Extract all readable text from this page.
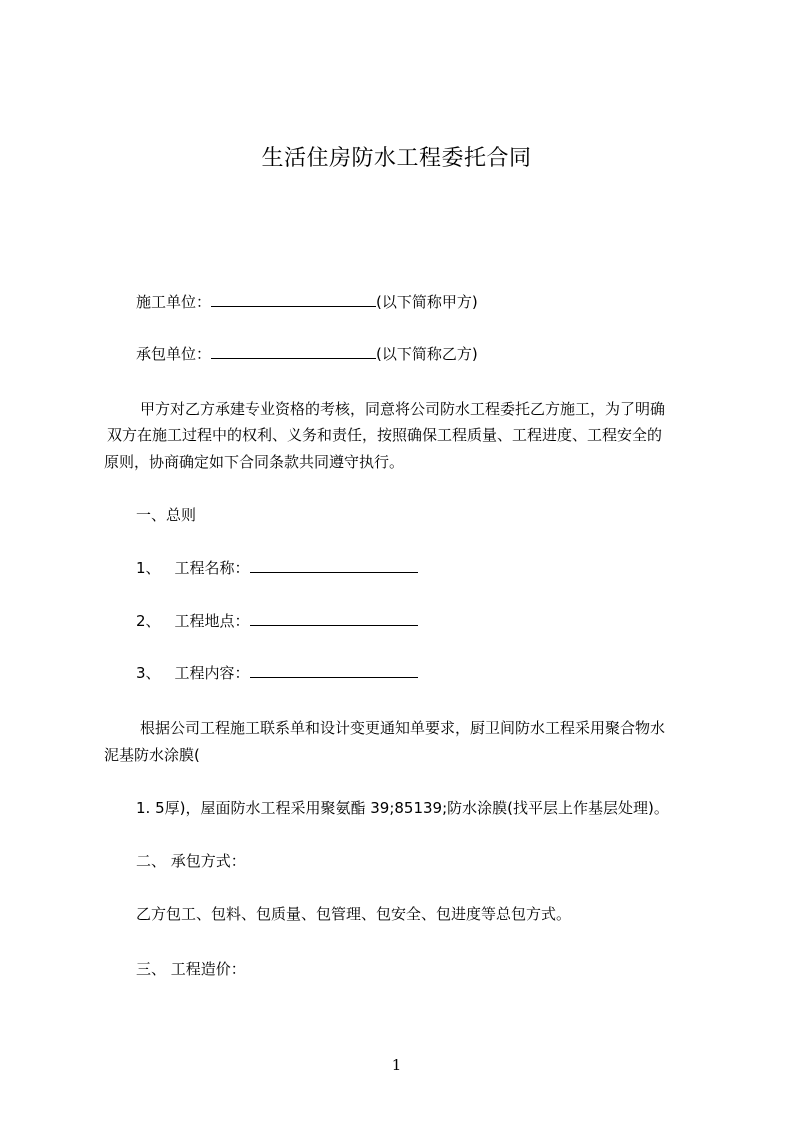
生活住房防水工程委托合同
施工单位：	(以下简称甲方)
承包单位：	(以下简称乙方)
甲方对乙方承建专业资格的考核，同意将公司防水工程委托乙方施工，为了明确
双方在施工过程中的权利、义务和责任，按照确保工程质量、工程进度、工程安全的
原则，协商确定如下合同条款共同遵守执行。
一、总则
1、 工程名称：
2、 工程地点：
3、 工程内容：
根据公司工程施工联系单和设计变更通知单要求，厨卫间防水工程采用聚合物水
泥基防水涂膜(
1. 5厚)，屋面防水工程采用聚氨酯 39;85139;防水涂膜(找平层上作基层处理)。
二、 承包方式：
乙方包工、包料、包质量、包管理、包安全、包进度等总包方式。
三、 工程造价：
1
